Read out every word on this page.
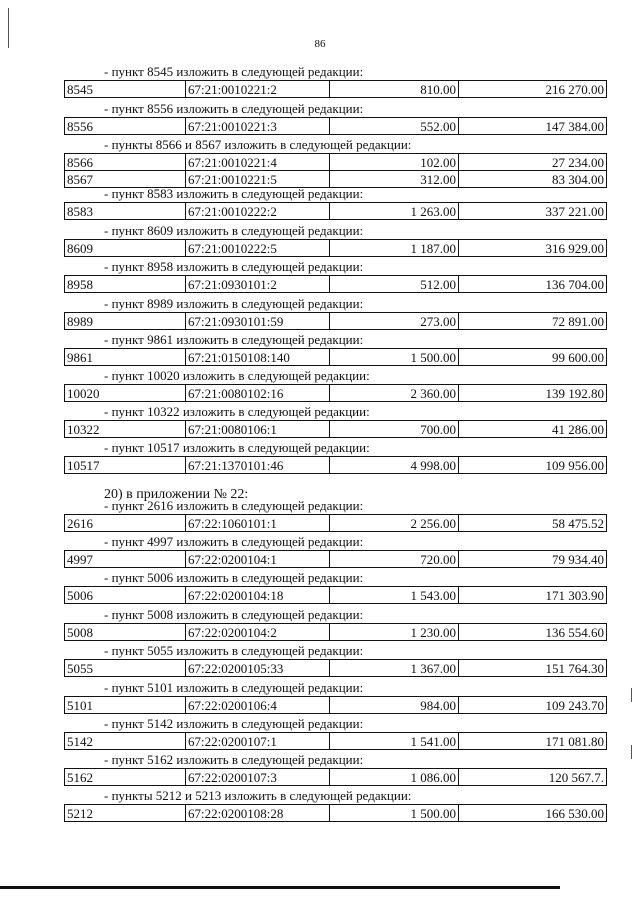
86
- пункт 8545 изложить в следующей редакции:
8545	67:21:0010221:2	810.00	216 270.00
- пункт 8556 изложить в следующей редакции:
8556	67:21:0010221:3	552.00	147 384.00
- пункты 8566 и 8567 изложить в следующей редакции:
8566	67:21:0010221:4	102.00	27 234.00
8567	67:21:0010221:5	312.00	83 304.00
- пункт 8583 изложить в следующей редакции:
8583	67:21:0010222:2	1 263.00	337 221.00
- пункт 8609 изложить в следующей редакции:
8609	67:21:0010222:5	1 187.00	316 929.00
- пункт 8958 изложить в следующей редакции:
8958	67:21:0930101:2	512.00	136 704.00
- пункт 8989 изложить в следующей редакции:
8989	67:21:0930101:59	273.00	72 891.00
- пункт 9861 изложить в следующей редакции:
9861	67:21:0150108:140	1 500.00	99 600.00
- пункт 10020 изложить в следующей редакции:
10020	67:21:0080102:16	2 360.00	139 192.80
- пункт 10322 изложить в следующей редакции:
10322	67:21:0080106:1	700.00	41 286.00
- пункт 10517 изложить в следующей редакции:
10517	67:21:1370101:46	4 998.00	109 956.00
20) в приложении № 22:
- пункт 2616 изложить в следующей редакции:
2616	67:22:1060101:1	2 256.00	58 475.52
- пункт 4997 изложить в следующей редакции:
4997	67:22:0200104:1	720.00	79 934.40
- пункт 5006 изложить в следующей редакции:
5006	67:22:0200104:18	1 543.00	171 303.90
- пункт 5008 изложить в следующей редакции:
5008	67:22:0200104:2	1 230.00	136 554.60
- пункт 5055 изложить в следующей редакции:
5055	67:22:0200105:33	1 367.00	151 764.30
- пункт 5101 изложить в следующей редакции:
5101	67:22:0200106:4	984.00	109 243.70
- пункт 5142 изложить в следующей редакции:
5142	67:22:0200107:1	1 541.00	171 081.80
- пункт 5162 изложить в следующей редакции:
5162	67:22:0200107:3	1 086.00	120 567.7.
- пункты 5212 и 5213 изложить в следующей редакции:
5212	67:22:0200108:28	1 500.00	166 530.00
